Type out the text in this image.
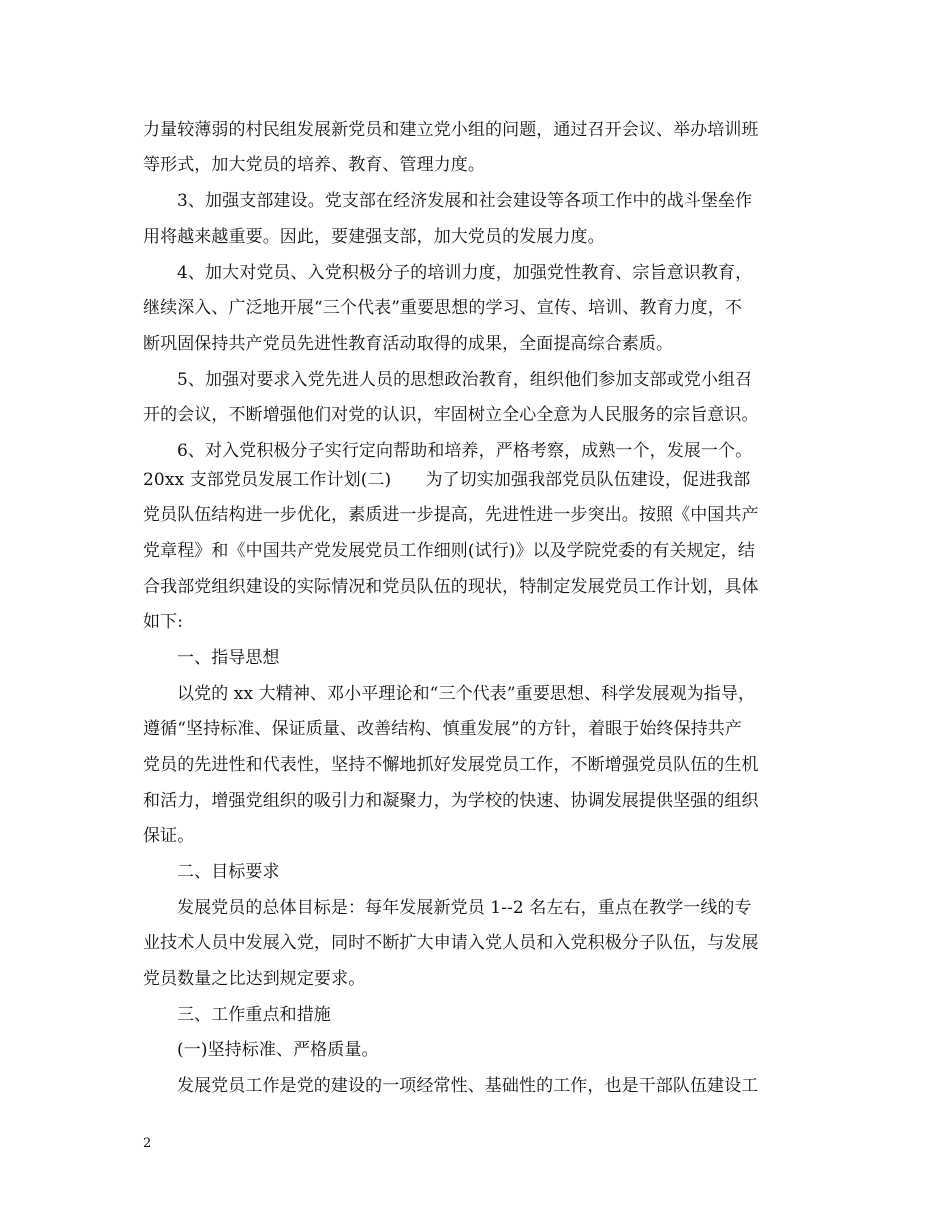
力量较薄弱的村民组发展新党员和建立党小组的问题，通过召开会议、举办培训班
等形式，加大党员的培养、教育、管理力度。
3、加强支部建设。党支部在经济发展和社会建设等各项工作中的战斗堡垒作
用将越来越重要。因此，要建强支部，加大党员的发展力度。
4、加大对党员、入党积极分子的培训力度，加强党性教育、宗旨意识教育，
继续深入、广泛地开展“三个代表”重要思想的学习、宣传、培训、教育力度，不
断巩固保持共产党员先进性教育活动取得的成果，全面提高综合素质。
5、加强对要求入党先进人员的思想政治教育，组织他们参加支部或党小组召
开的会议，不断增强他们对党的认识，牢固树立全心全意为人民服务的宗旨意识。
6、对入党积极分子实行定向帮助和培养，严格考察，成熟一个，发展一个。
20xx 支部党员发展工作计划(二)　　为了切实加强我部党员队伍建设，促进我部
党员队伍结构进一步优化，素质进一步提高，先进性进一步突出。按照《中国共产
党章程》和《中国共产党发展党员工作细则(试行)》以及学院党委的有关规定，结
合我部党组织建设的实际情况和党员队伍的现状，特制定发展党员工作计划，具体
如下:
一、指导思想
以党的 xx 大精神、邓小平理论和“三个代表”重要思想、科学发展观为指导，
遵循“坚持标准、保证质量、改善结构、慎重发展”的方针，着眼于始终保持共产
党员的先进性和代表性，坚持不懈地抓好发展党员工作，不断增强党员队伍的生机
和活力，增强党组织的吸引力和凝聚力，为学校的快速、协调发展提供坚强的组织
保证。
二、目标要求
发展党员的总体目标是：每年发展新党员 1--2 名左右，重点在教学一线的专
业技术人员中发展入党，同时不断扩大申请入党人员和入党积极分子队伍，与发展
党员数量之比达到规定要求。
三、工作重点和措施
(一)坚持标准、严格质量。
发展党员工作是党的建设的一项经常性、基础性的工作，也是干部队伍建设工
2
